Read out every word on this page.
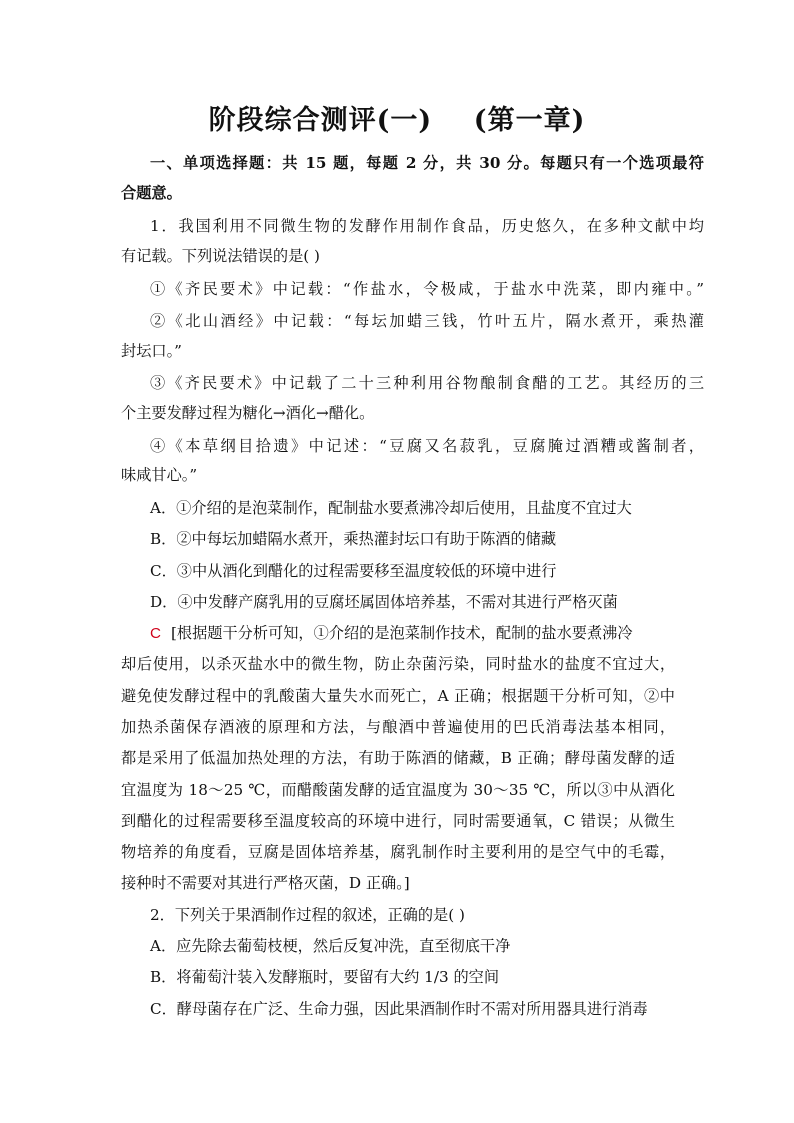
阶段综合测评(一)    (第一章)
一、单项选择题：共 15 题，每题 2 分，共 30 分。每题只有一个选项最符
合题意。
1．我国利用不同微生物的发酵作用制作食品，历史悠久，在多种文献中均
有记载。下列说法错误的是( )
①《齐民要术》中记载：“作盐水，令极咸，于盐水中洗菜，即内雍中。”
②《北山酒经》中记载：“每坛加蜡三钱，竹叶五片，隔水煮开，乘热灌
封坛口。”
③《齐民要术》中记载了二十三种利用谷物酿制食醋的工艺。其经历的三
个主要发酵过程为糖化→酒化→醋化。
④《本草纲目拾遗》中记述：“豆腐又名菽乳，豆腐腌过酒糟或酱制者，
味咸甘心。”
A．①介绍的是泡菜制作，配制盐水要煮沸冷却后使用，且盐度不宜过大
B．②中每坛加蜡隔水煮开，乘热灌封坛口有助于陈酒的储藏
C．③中从酒化到醋化的过程需要移至温度较低的环境中进行
D．④中发酵产腐乳用的豆腐坯属固体培养基，不需对其进行严格灭菌
C [根据题干分析可知，①介绍的是泡菜制作技术，配制的盐水要煮沸冷
却后使用，以杀灭盐水中的微生物，防止杂菌污染，同时盐水的盐度不宜过大，
避免使发酵过程中的乳酸菌大量失水而死亡，A 正确；根据题干分析可知，②中
加热杀菌保存酒液的原理和方法，与酿酒中普遍使用的巴氏消毒法基本相同，
都是采用了低温加热处理的方法，有助于陈酒的储藏，B 正确；酵母菌发酵的适
宜温度为 18～25 ℃，而醋酸菌发酵的适宜温度为 30～35 ℃，所以③中从酒化
到醋化的过程需要移至温度较高的环境中进行，同时需要通氧，C 错误；从微生
物培养的角度看，豆腐是固体培养基，腐乳制作时主要利用的是空气中的毛霉，
接种时不需要对其进行严格灭菌，D 正确。]
2．下列关于果酒制作过程的叙述，正确的是( )
A．应先除去葡萄枝梗，然后反复冲洗，直至彻底干净
B．将葡萄汁装入发酵瓶时，要留有大约 1/3 的空间
C．酵母菌存在广泛、生命力强，因此果酒制作时不需对所用器具进行消毒
